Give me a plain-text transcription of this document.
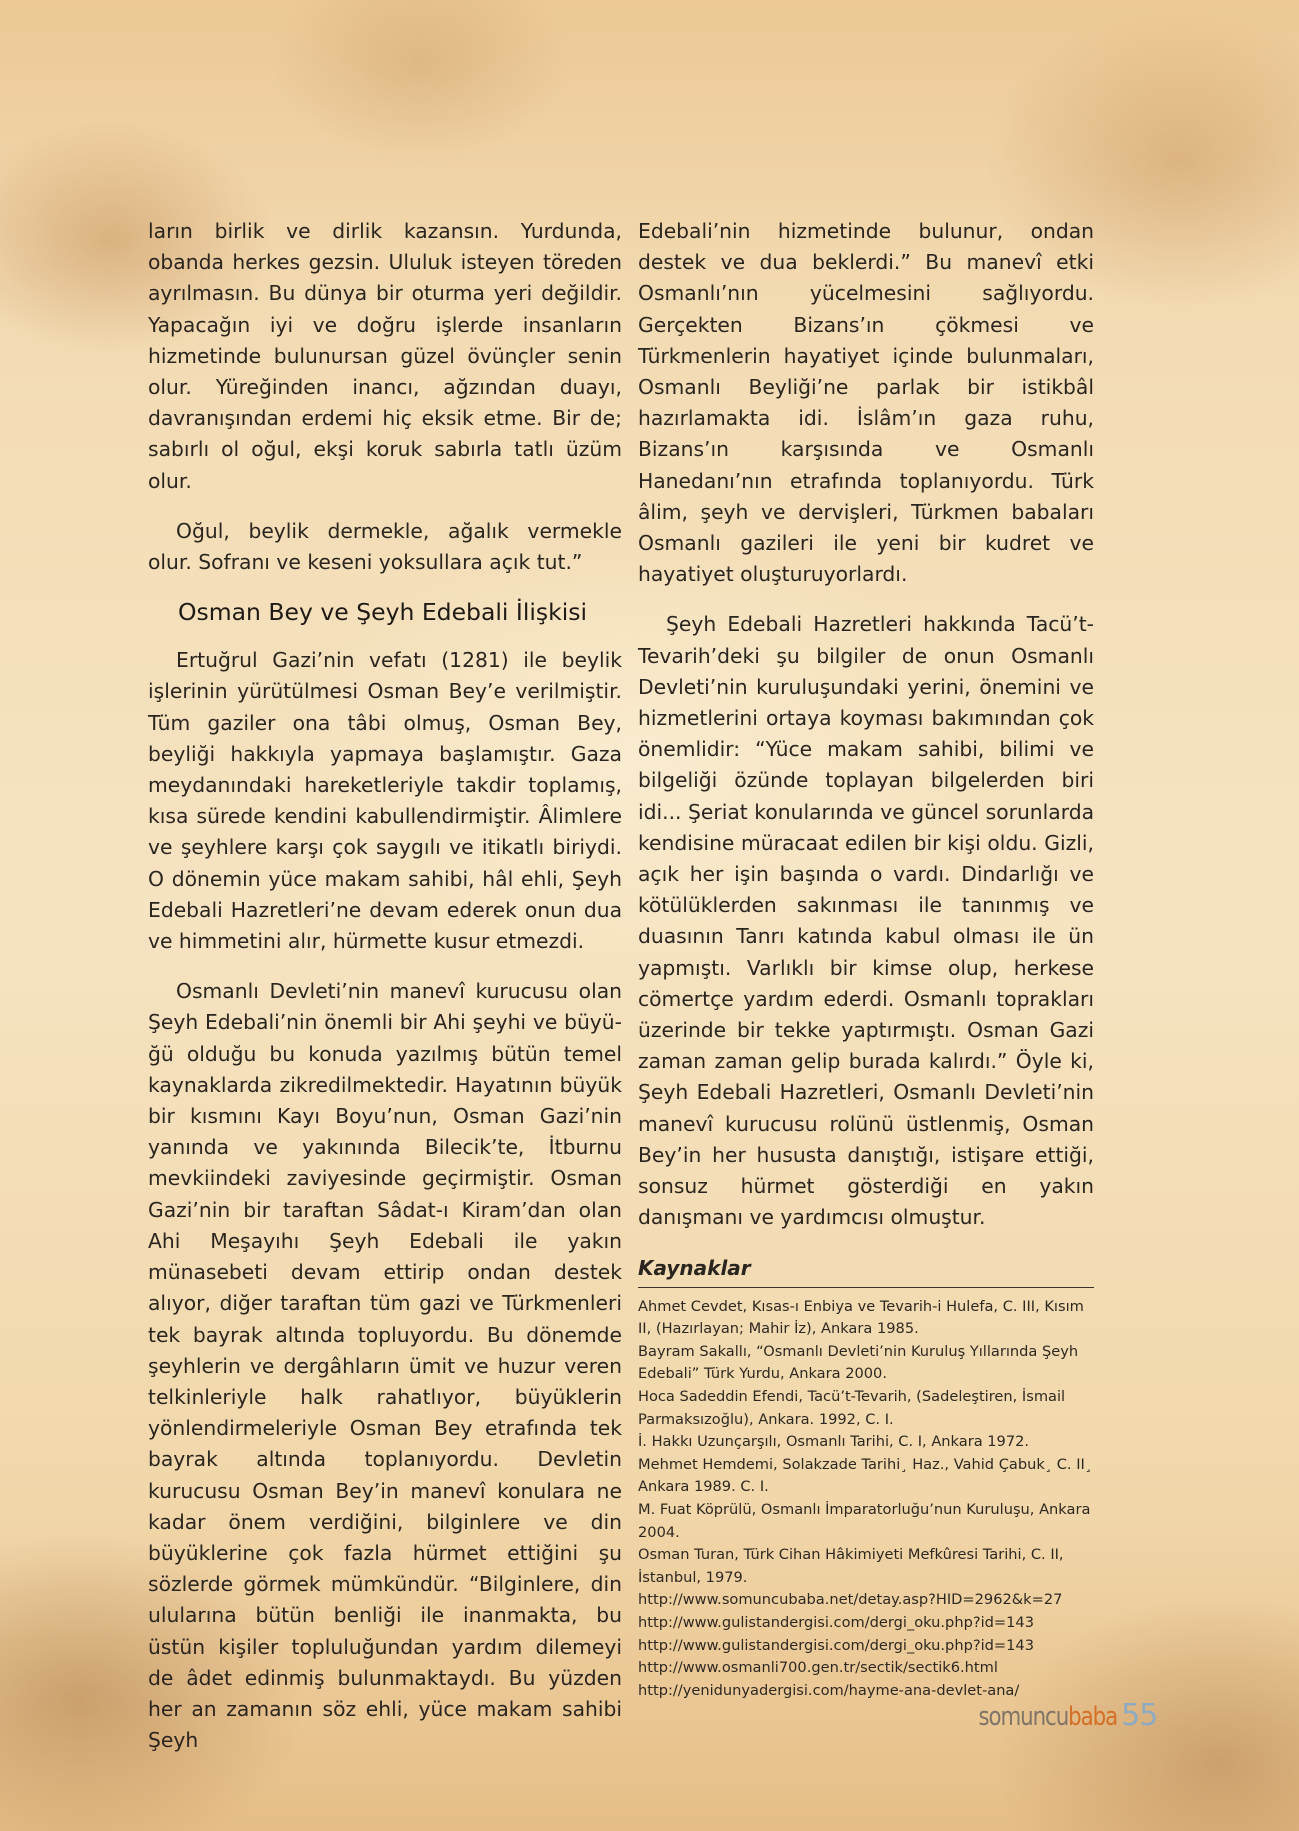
ların birlik ve dirlik kazansın. Yurdunda, obanda herkes gezsin. Ululuk isteyen töreden ayrılmasın. Bu dünya bir oturma yeri değildir. Yapacağın iyi ve doğru işlerde insanların hizmetinde bulunursan güzel övünçler senin olur. Yüreğinden inancı, ağzından duayı, davranışından erdemi hiç eksik etme. Bir de; sabırlı ol oğul, ekşi koruk sabırla tatlı üzüm olur.

Oğul, beylik dermekle, ağalık vermekle olur. Sofranı ve keseni yoksullara açık tut.”

Osman Bey ve Şeyh Edebali İlişkisi

Ertuğrul Gazi’nin vefatı (1281) ile beylik işlerinin yürütülmesi Osman Bey’e verilmiştir. Tüm gaziler ona tâbi olmuş, Osman Bey, beyliği hakkıyla yapmaya başlamıştır. Gaza meydanındaki hareketleriyle takdir toplamış, kısa sürede kendini kabullendirmiştir. Âlimlere ve şeyhlere karşı çok saygılı ve itikatlı biriydi. O dönemin yüce makam sahibi, hâl ehli, Şeyh Edebali Hazretleri’ne devam ederek onun dua ve himmetini alır, hürmette kusur etmezdi.

Osmanlı Devleti’nin manevî kurucusu olan Şeyh Edebali’nin önemli bir Ahi şeyhi ve büyüğü olduğu bu konuda yazılmış bütün temel kaynaklarda zikredilmektedir. Hayatının büyük bir kısmını Kayı Boyu’nun, Osman Gazi’nin yanında ve yakınında Bilecik’te, İtburnu mevkiindeki zaviyesinde geçirmiştir. Osman Gazi’nin bir taraftan Sâdat-ı Kiram’dan olan Ahi Meşayıhı Şeyh Edebali ile yakın münasebeti devam ettirip ondan destek alıyor, diğer taraftan tüm gazi ve Türkmenleri tek bayrak altında topluyordu. Bu dönemde şeyhlerin ve dergâhların ümit ve huzur veren telkinleriyle halk rahatlıyor, büyüklerin yönlendirmeleriyle Osman Bey etrafında tek bayrak altında toplanıyordu. Devletin kurucusu Osman Bey’in manevî konulara ne kadar önem verdiğini, bilginlere ve din büyüklerine çok fazla hürmet ettiğini şu sözlerde görmek mümkündür. “Bilginlere, din ulularına bütün benliği ile inanmakta, bu üstün kişiler topluluğundan yardım dilemeyi de âdet edinmiş bulunmaktaydı. Bu yüzden her an zamanın söz ehli, yüce makam sahibi Şeyh

Edebali’nin hizmetinde bulunur, ondan destek ve dua beklerdi.” Bu manevî etki Osmanlı’nın yücelmesini sağlıyordu. Gerçekten Bizans’ın çökmesi ve Türkmenlerin hayatiyet içinde bulunmaları, Osmanlı Beyliği’ne parlak bir istikbâl hazırlamakta idi. İslâm’ın gaza ruhu, Bizans’ın karşısında ve Osmanlı Hanedanı’nın etrafında toplanıyordu. Türk âlim, şeyh ve dervişleri, Türkmen babaları Osmanlı gazileri ile yeni bir kudret ve hayatiyet oluşturuyorlardı.

Şeyh Edebali Hazretleri hakkında Tacü’t-Tevarih’deki şu bilgiler de onun Osmanlı Devleti’nin kuruluşundaki yerini, önemini ve hizmetlerini ortaya koyması bakımından çok önemlidir: “Yüce makam sahibi, bilimi ve bilgeliği özünde toplayan bilgelerden biri idi... Şeriat konularında ve güncel sorunlarda kendisine müracaat edilen bir kişi oldu. Gizli, açık her işin başında o vardı. Dindarlığı ve kötülüklerden sakınması ile tanınmış ve duasının Tanrı katında kabul olması ile ün yapmıştı. Varlıklı bir kimse olup, herkese cömertçe yardım ederdi. Osmanlı toprakları üzerinde bir tekke yaptırmıştı. Osman Gazi zaman zaman gelip burada kalırdı.” Öyle ki, Şeyh Edebali Hazretleri, Osmanlı Devleti’nin manevî kurucusu rolünü üstlenmiş, Osman Bey’in her hususta danıştığı, istişare ettiği, sonsuz hürmet gösterdiği en yakın danışmanı ve yardımcısı olmuştur.

Kaynaklar
Ahmet Cevdet, Kısas-ı Enbiya ve Tevarih-i Hulefa, C. III, Kısım II, (Hazırlayan; Mahir İz), Ankara 1985.
Bayram Sakallı, “Osmanlı Devleti’nin Kuruluş Yıllarında Şeyh Edebali” Türk Yurdu, Ankara 2000.
Hoca Sadeddin Efendi, Tacü’t-Tevarih, (Sadeleştiren, İsmail Parmaksızoğlu), Ankara. 1992, C. I.
İ. Hakkı Uzunçarşılı, Osmanlı Tarihi, C. I, Ankara 1972.
Mehmet Hemdemi, Solakzade Tarihi¸ Haz., Vahid Çabuk¸ C. II¸ Ankara 1989. C. I.
M. Fuat Köprülü, Osmanlı İmparatorluğu’nun Kuruluşu, Ankara 2004.
Osman Turan, Türk Cihan Hâkimiyeti Mefkûresi Tarihi, C. II, İstanbul, 1979.
http://www.somuncubaba.net/detay.asp?HID=2962&k=27
http://www.gulistandergisi.com/dergi_oku.php?id=143
http://www.gulistandergisi.com/dergi_oku.php?id=143
http://www.osmanli700.gen.tr/sectik/sectik6.html
http://yenidunyadergisi.com/hayme-ana-devlet-ana/
somuncu baba 55
